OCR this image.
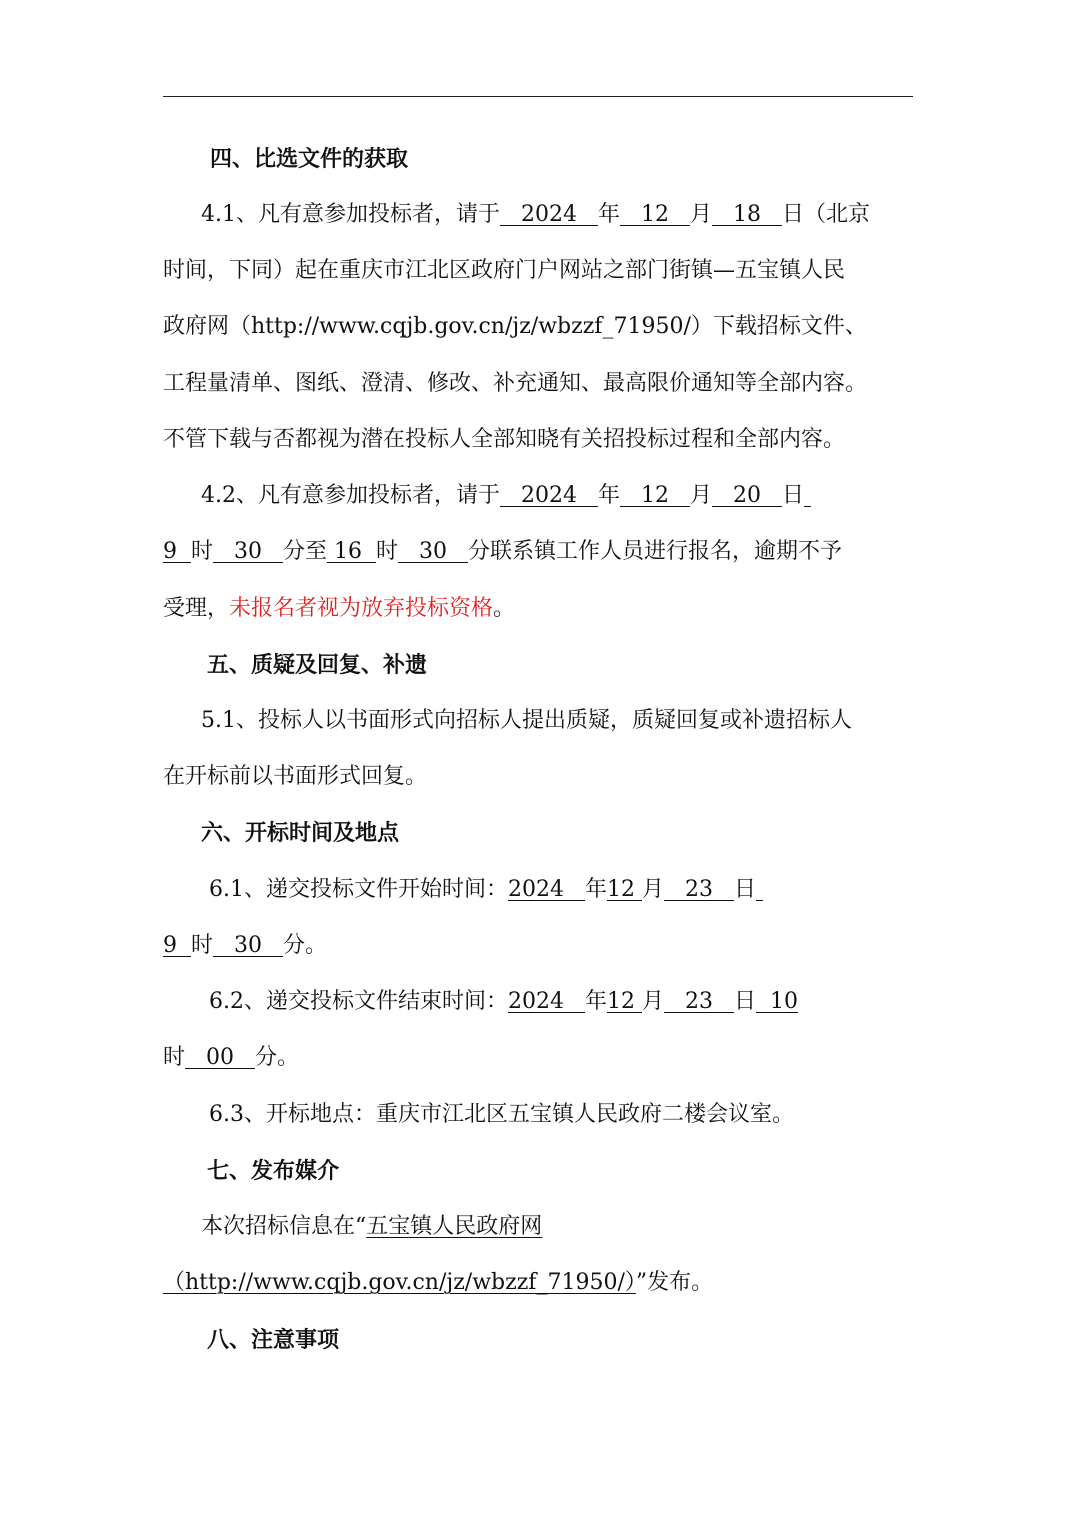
四、比选文件的获取
4.1、凡有意参加投标者，请于 2024 年 12 月 18 日（北京
时间，下同）起在重庆市江北区政府门户网站之部门街镇—五宝镇人民
政府网（http://www.cqjb.gov.cn/jz/wbzzf_71950/）下载招标文件、
工程量清单、图纸、澄清、修改、补充通知、最高限价通知等全部内容。
不管下载与否都视为潜在投标人全部知晓有关招投标过程和全部内容。
4.2、凡有意参加投标者，请于 2024 年 12 月 20 日
9 时 30 分至 16 时 30 分联系镇工作人员进行报名，逾期不予
受理，未报名者视为放弃投标资格。
五、质疑及回复、补遗
5.1、投标人以书面形式向招标人提出质疑，质疑回复或补遗招标人
在开标前以书面形式回复。
六、开标时间及地点
6.1、递交投标文件开始时间：2024 年12 月 23 日
9 时 30 分。
6.2、递交投标文件结束时间：2024 年12 月 23 日 10
时 00 分。
6.3、开标地点：重庆市江北区五宝镇人民政府二楼会议室。
七、发布媒介
本次招标信息在“五宝镇人民政府网
（http://www.cqjb.gov.cn/jz/wbzzf_71950/）”发布。
八、注意事项
